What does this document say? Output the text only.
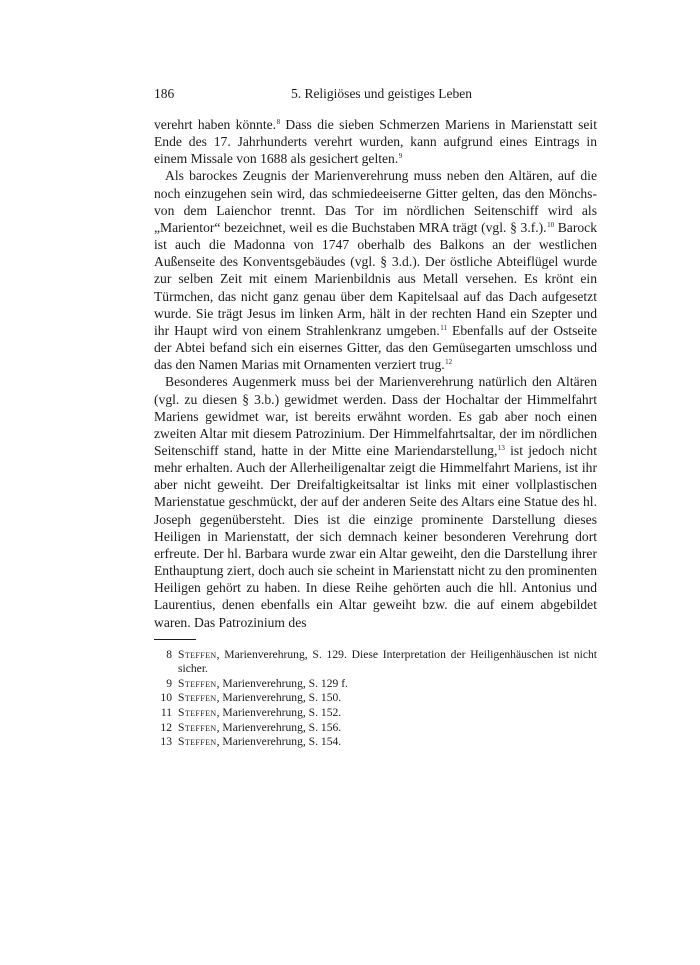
186	5. Religiöses und geistiges Leben

verehrt haben könnte.$^8$ Dass die sieben Schmerzen Mariens in Marienstatt seit Ende des 17. Jahrhunderts verehrt wurden, kann aufgrund eines Eintrags in einem Missale von 1688 als gesichert gelten.$^9$

Als barockes Zeugnis der Marienverehrung muss neben den Altären, auf die noch einzugehen sein wird, das schmiedeeiserne Gitter gelten, das den Mönchs- von dem Laienchor trennt. Das Tor im nördlichen Seitenschiff wird als „Marientor“ bezeichnet, weil es die Buchstaben MRA trägt (vgl. § 3.f.).$^{10}$ Barock ist auch die Madonna von 1747 oberhalb des Balkons an der westlichen Außenseite des Konventsgebäudes (vgl. § 3.d.). Der östliche Abteiflügel wurde zur selben Zeit mit einem Marienbildnis aus Metall versehen. Es krönt ein Türmchen, das nicht ganz genau über dem Kapitelsaal auf das Dach aufgesetzt wurde. Sie trägt Jesus im linken Arm, hält in der rechten Hand ein Szepter und ihr Haupt wird von einem Strahlenkranz umgeben.$^{11}$ Ebenfalls auf der Ostseite der Abtei befand sich ein eisernes Gitter, das den Gemüsegarten umschloss und das den Namen Marias mit Ornamenten verziert trug.$^{12}$

Besonderes Augenmerk muss bei der Marienverehrung natürlich den Altären (vgl. zu diesen § 3.b.) gewidmet werden. Dass der Hochaltar der Himmelfahrt Mariens gewidmet war, ist bereits erwähnt worden. Es gab aber noch einen zweiten Altar mit diesem Patrozinium. Der Himmelfahrtsaltar, der im nördlichen Seitenschiff stand, hatte in der Mitte eine Mariendarstellung,$^{13}$ ist jedoch nicht mehr erhalten. Auch der Allerheiligenaltar zeigt die Himmelfahrt Mariens, ist ihr aber nicht geweiht. Der Dreifaltigkeitsaltar ist links mit einer vollplastischen Marienstatue geschmückt, der auf der anderen Seite des Altars eine Statue des hl. Joseph gegenübersteht. Dies ist die einzige prominente Darstellung dieses Heiligen in Marienstatt, der sich demnach keiner besonderen Verehrung dort erfreute. Der hl. Barbara wurde zwar ein Altar geweiht, den die Darstellung ihrer Enthauptung ziert, doch auch sie scheint in Marienstatt nicht zu den prominenten Heiligen gehört zu haben. In diese Reihe gehörten auch die hll. Antonius und Laurentius, denen ebenfalls ein Altar geweiht bzw. die auf einem abgebildet waren. Das Patrozinium des

8 Steffen, Marienverehrung, S. 129. Diese Interpretation der Heiligenhäuschen ist nicht sicher.
9 Steffen, Marienverehrung, S. 129 f.
10 Steffen, Marienverehrung, S. 150.
11 Steffen, Marienverehrung, S. 152.
12 Steffen, Marienverehrung, S. 156.
13 Steffen, Marienverehrung, S. 154.
